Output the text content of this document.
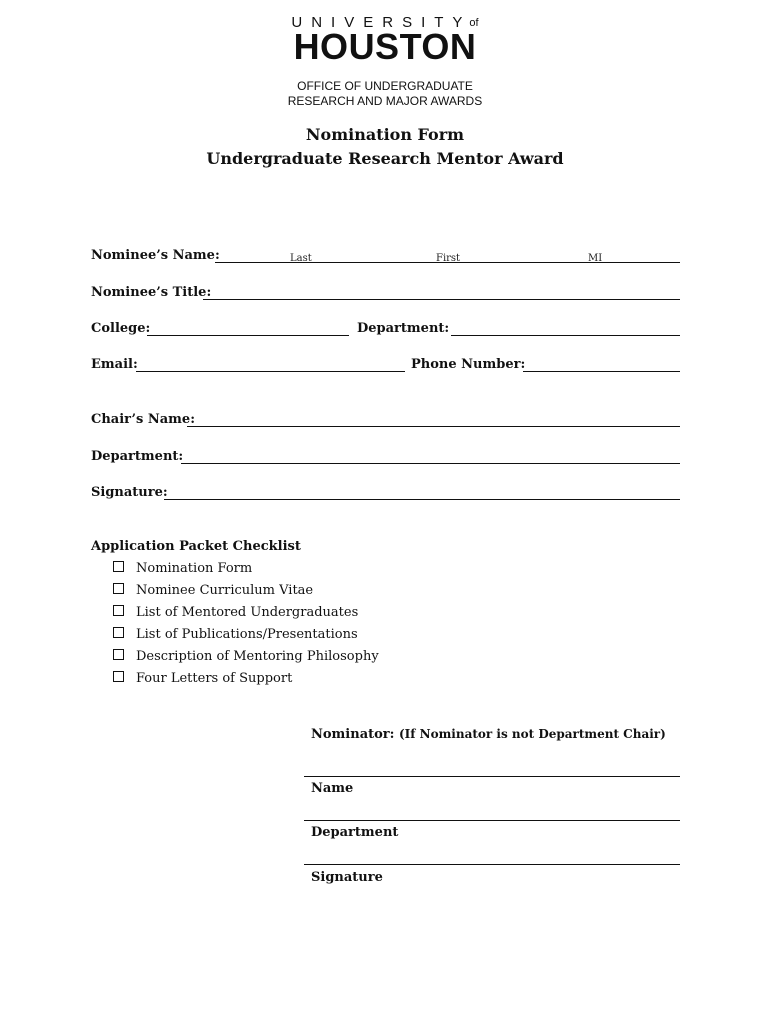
UNIVERSITYof
HOUSTON
OFFICE OF UNDERGRADUATE
RESEARCH AND MAJOR AWARDS
Nomination Form
Undergraduate Research Mentor Award
Nominee’s Name:	Last	First	MI
Nominee’s Title:
College:	Department:
Email:	Phone Number:
Chair’s Name:
Department:
Signature:
Application Packet Checklist
Nomination Form
Nominee Curriculum Vitae
List of Mentored Undergraduates
List of Publications/Presentations
Description of Mentoring Philosophy
Four Letters of Support
Nominator: (If Nominator is not Department Chair)
Name
Department
Signature
